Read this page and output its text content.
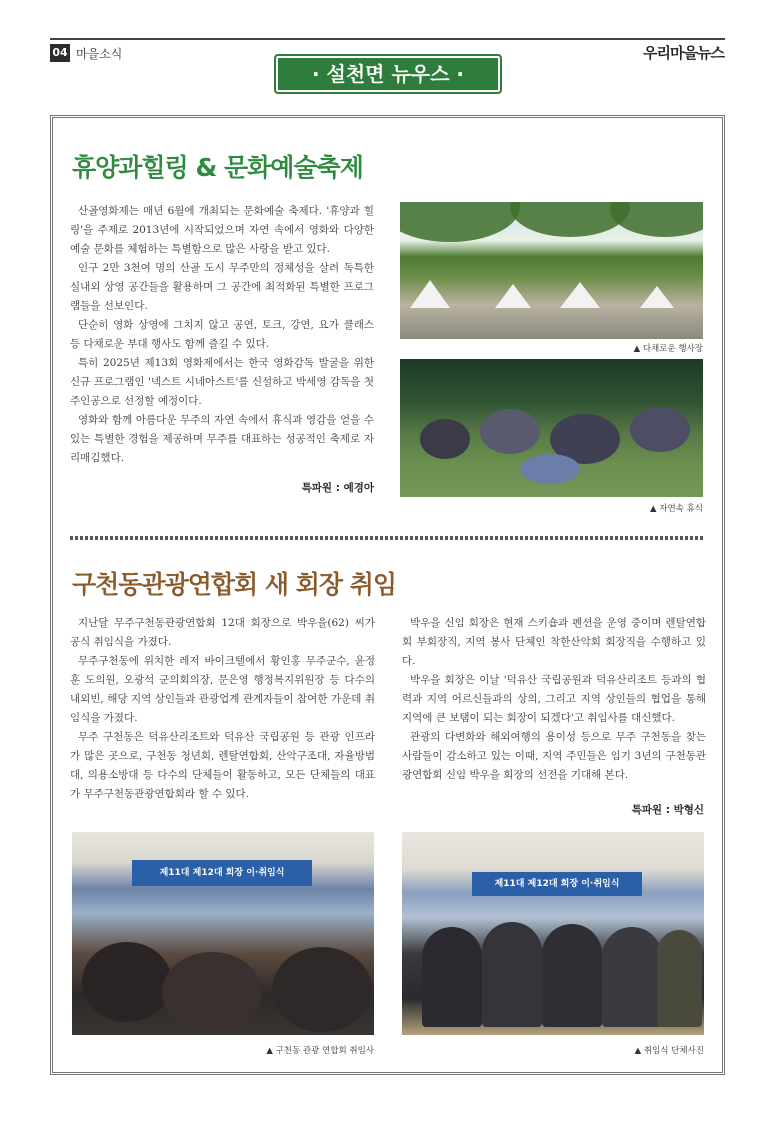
04 마을소식	우리마을뉴스
· 설천면 뉴우스 ·
휴양과힐링 & 문화예술축제

산골영화제는 매년 6월에 개최되는 문화예술 축제다. '휴양과 힐링'을 주제로 2013년에 시작되었으며 자연 속에서 영화와 다양한 예술 문화를 체험하는 특별함으로 많은 사랑을 받고 있다.

인구 2만 3천여 명의 산골 도시 무주만의 정체성을 살려 독특한 실내외 상영 공간들을 활용하며 그 공간에 최적화된 특별한 프로그램들을 선보인다.

단순히 영화 상영에 그치지 않고 공연, 토크, 강연, 요가 클래스 등 다채로운 부대 행사도 함께 즐길 수 있다.

특히 2025년 제13회 영화제에서는 한국 영화감독 발굴을 위한 신규 프로그램인 '넥스트 시네아스트'를 신설하고 박세영 감독을 첫 주인공으로 선정할 예정이다.

영화와 함께 아름다운 무주의 자연 속에서 휴식과 영감을 얻을 수 있는 특별한 경험을 제공하며 무주를 대표하는 성공적인 축제로 자리매김했다.

특파원 : 예경아
▲ 다채로운 행사장
▲ 자연속 휴식
구천동관광연합회 새 회장 취임

지난달 무주구천동관광연합회 12대 회장으로 박우을(62) 씨가 공식 취임식을 가졌다.

무주구천동에 위치한 레저 바이크텔에서 황인홍 무주군수, 윤정훈 도의원, 오광석 군의회의장, 문은영 행정복지위원장 등 다수의 내외빈, 해당 지역 상인들과 관광업계 관계자들이 참여한 가운데 취임식을 가졌다.

무주 구천동은 덕유산리조트와 덕유산 국립공원 등 관광 인프라가 많은 곳으로, 구천동 청년회, 렌탈연합회, 산악구조대, 자율방범대, 의용소방대 등 다수의 단체들이 활동하고, 모든 단체들의 대표가 무주구천동관광연합회라 할 수 있다.

박우을 신임 회장은 현재 스키숍과 펜션을 운영 중이며 렌탈연합회 부회장직, 지역 봉사 단체인 착한산악회 회장직을 수행하고 있다.

박우을 회장은 이날 '덕유산 국립공원과 덕유산리조트 등과의 협력과 지역 어르신들과의 상의, 그리고 지역 상인들의 협업을 통해 지역에 큰 보탬이 되는 회장이 되겠다'고 취임사를 대신했다.

관광의 다변화와 해외여행의 용이성 등으로 무주 구천동을 찾는 사람들이 감소하고 있는 이때, 지역 주민들은 임기 3년의 구천동관광연합회 신임 박우을 회장의 선전을 기대해 본다.

특파원 : 박형신
제11대 제12대 회장 이·취임식
▲ 구천동 관광 연합회 취임사
제11대 제12대 회장 이·취임식
▲ 취임식 단체사진
